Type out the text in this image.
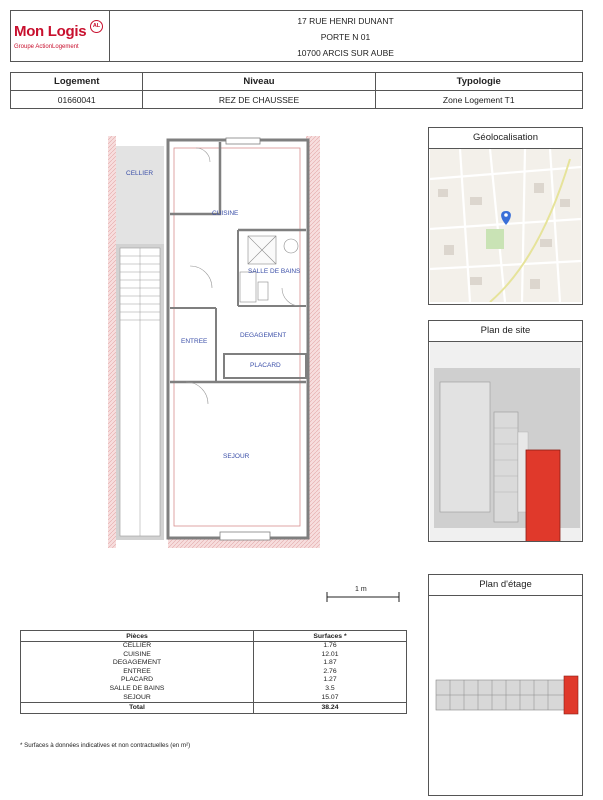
Mon Logis	AL
Groupe ActionLogement
17 RUE HENRI DUNANT
PORTE N 01
10700 ARCIS SUR AUBE
Logement	Niveau	Typologie
01660041	REZ DE CHAUSSEE	Zone Logement T1
CELLIER
CUISINE
SALLE DE BAINS
ENTREE
DEGAGEMENT
PLACARD
SEJOUR
Géolocalisation
Plan de site
Plan d'étage
1 m
Pièces	Surfaces *
CELLIER	1.76
CUISINE	12.01
DEGAGEMENT	1.87
ENTREE	2.76
PLACARD	1.27
SALLE DE BAINS	3.5
SEJOUR	15.07
Total	38.24
* Surfaces à données indicatives et non contractuelles (en m²)
